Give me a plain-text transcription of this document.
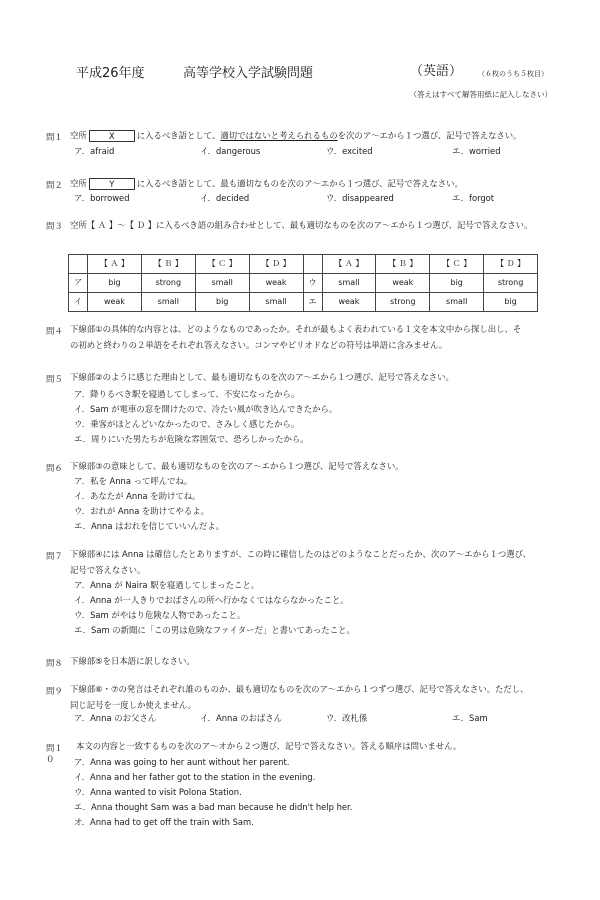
平成26年度	高等学校入学試験問題	（英語） （６枚のうち５枚目）
（答えはすべて解答用紙に記入しなさい）
問１ 空所	X	に入るべき語として、適切ではないと考えられるものを次のア～エから１つ選び、記号で答えなさい。
ア．afraid	イ．dangerous	ウ．excited	エ．worried
問２ 空所	Y	に入るべき語として、最も適切なものを次のア～エから１つ選び、記号で答えなさい。
ア．borrowed	イ．decided	ウ．disappeared	エ．forgot
問３ 空所【 Ａ 】～【 Ｄ 】に入るべき語の組み合わせとして、最も適切なものを次のア～エから１つ選び、記号で答えなさい。
	【 Ａ 】	【 Ｂ 】	【 Ｃ 】	【 Ｄ 】		【 Ａ 】	【 Ｂ 】	【 Ｃ 】	【 Ｄ 】
ア	big	strong	small	weak	ウ	small	weak	big	strong
イ	weak	small	big	small	エ	weak	strong	small	big
問４ 下線部①の具体的な内容とは、どのようなものであったか。それが最もよく表われている１文を本文中から探し出し、そ
の初めと終わりの２単語をそれぞれ答えなさい。コンマやピリオドなどの符号は単語に含みません。
問５ 下線部②のように感じた理由として、最も適切なものを次のア～エから１つ選び、記号で答えなさい。
ア．降りるべき駅を寝過してしまって、不安になったから。
イ．Sam が電車の窓を開けたので、冷たい風が吹き込んできたから。
ウ．乗客がほとんどいなかったので、さみしく感じたから。
エ．周りにいた男たちが危険な雰囲気で、恐ろしかったから。
問６ 下線部③の意味として、最も適切なものを次のア～エから１つ選び、記号で答えなさい。
ア．私を Anna って呼んでね。
イ．あなたが Anna を助けてね。
ウ．おれが Anna を助けてやるよ。
エ．Anna はおれを信じていいんだよ。
問７ 下線部④には Anna は確信したとありますが、この時に確信したのはどのようなことだったか、次のア～エから１つ選び、
記号で答えなさい。
ア．Anna が Naira 駅を寝過してしまったこと。
イ．Anna が一人きりでおばさんの所へ行かなくてはならなかったこと。
ウ．Sam がやはり危険な人物であったこと。
エ．Sam の新聞に「この男は危険なファイターだ」と書いてあったこと。
問８ 下線部⑤を日本語に訳しなさい。
問９ 下線部⑥・⑦の発言はそれぞれ誰のものか、最も適切なものを次のア～エから１つずつ選び、記号で答えなさい。ただし、
同じ記号を一度しか使えません。
ア．Anna のお父さん	イ．Anna のおばさん	ウ．改札係	エ．Sam
問１０
本文の内容と一致するものを次のア～オから２つ選び、記号で答えなさい。答える順序は問いません。
ア．Anna was going to her aunt without her parent.
イ．Anna and her father got to the station in the evening.
ウ．Anna wanted to visit Polona Station.
エ．Anna thought Sam was a bad man because he didn't help her.
オ．Anna had to get off the train with Sam.
